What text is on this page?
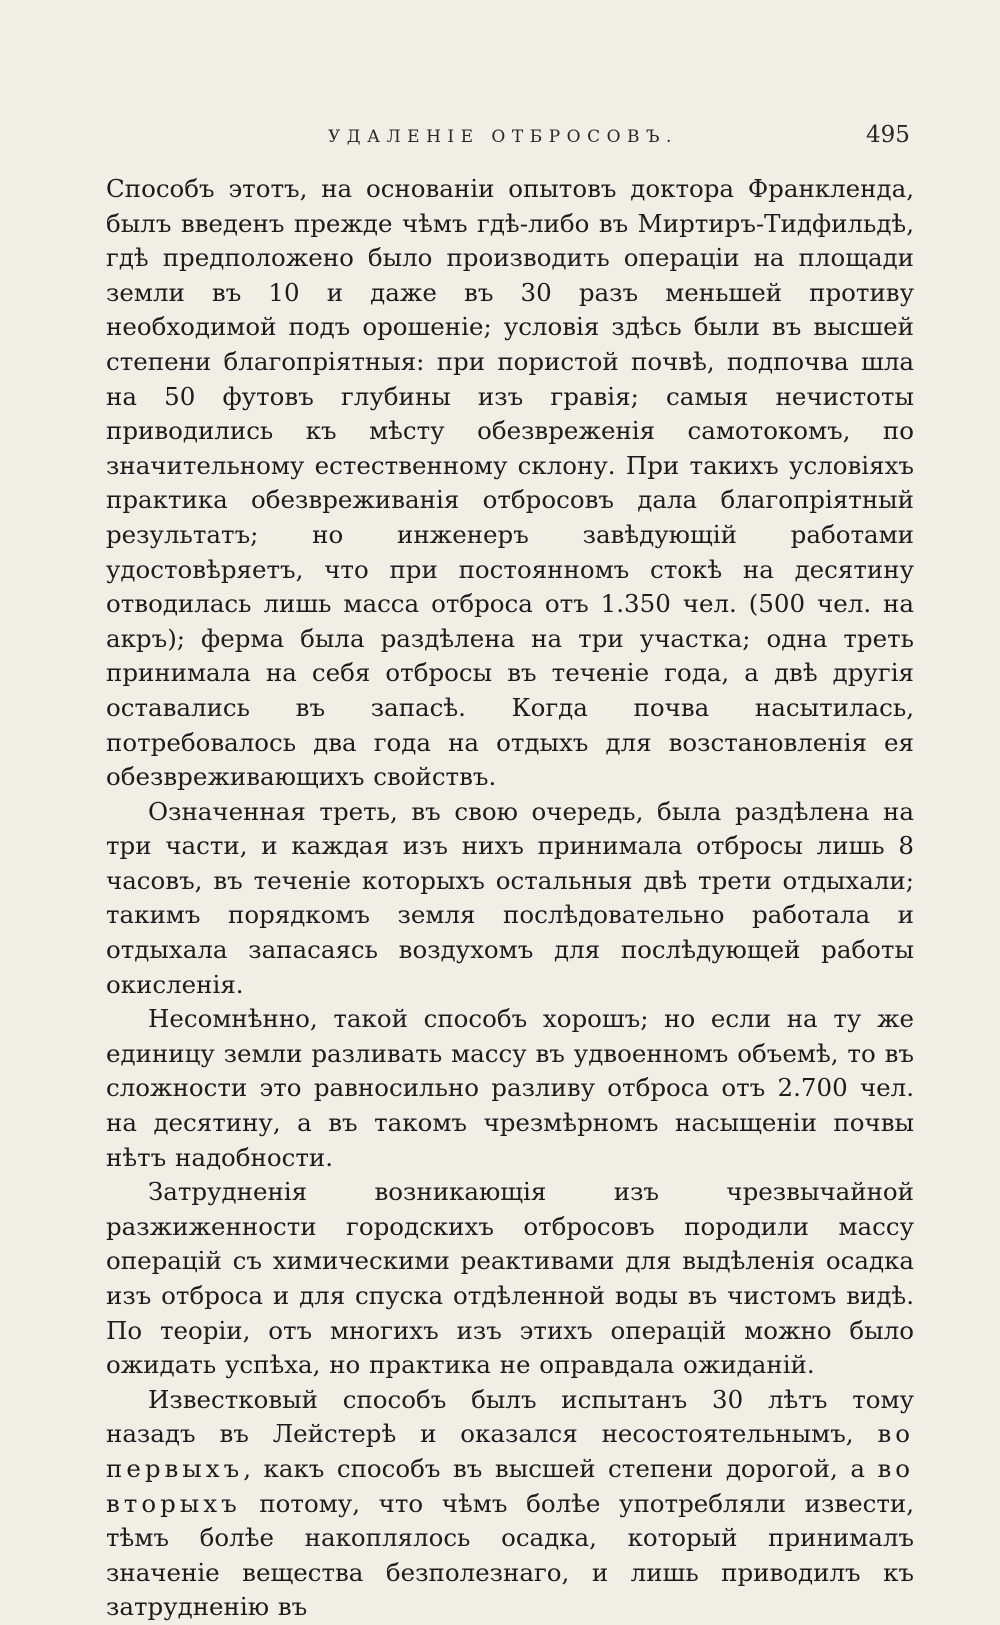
УДАЛЕНІЕ ОТБРОСОВЪ.	495

Способъ этотъ, на основаніи опытовъ доктора Франкленда, былъ введенъ прежде чѣмъ гдѣ-либо въ Миртиръ-Тидфильдѣ, гдѣ предположено было производить операціи на площади земли въ 10 и даже въ 30 разъ меньшей противу необходимой подъ орошеніе; условія здѣсь были въ высшей степени благопріятныя: при пористой почвѣ, подпочва шла на 50 футовъ глубины изъ гравія; самыя нечистоты приводились къ мѣсту обезвреженія самотокомъ, по значительному естественному склону. При такихъ условіяхъ практика обезвреживанія отбросовъ дала благопріятный результатъ; но инженеръ завѣдующій работами удостовѣряетъ, что при постоянномъ стокѣ на десятину отводилась лишь масса отброса отъ 1.350 чел. (500 чел. на акръ); ферма была раздѣлена на три участка; одна треть принимала на себя отбросы въ теченіе года, а двѣ другія оставались въ запасѣ. Когда почва насытилась, потребовалось два года на отдыхъ для возстановленія ея обезвреживающихъ свойствъ.

Означенная треть, въ свою очередь, была раздѣлена на три части, и каждая изъ нихъ принимала отбросы лишь 8 часовъ, въ теченіе которыхъ остальныя двѣ трети отдыхали; такимъ порядкомъ земля послѣдовательно работала и отдыхала запасаясь воздухомъ для послѣдующей работы окисленія.

Несомнѣнно, такой способъ хорошъ; но если на ту же единицу земли разливать массу въ удвоенномъ объемѣ, то въ сложности это равносильно разливу отброса отъ 2.700 чел. на десятину, а въ такомъ чрезмѣрномъ насыщеніи почвы нѣтъ надобности.

Затрудненія возникающія изъ чрезвычайной разжиженности городскихъ отбросовъ породили массу операцій съ химическими реактивами для выдѣленія осадка изъ отброса и для спуска отдѣленной воды въ чистомъ видѣ. По теоріи, отъ многихъ изъ этихъ операцій можно было ожидать успѣха, но практика не оправдала ожиданій.

Известковый способъ былъ испытанъ 30 лѣтъ тому назадъ въ Лейстерѣ и оказался несостоятельнымъ, во первыхъ, какъ способъ въ высшей степени дорогой, а во вторыхъ потому, что чѣмъ болѣе употребляли извести, тѣмъ болѣе накоплялось осадка, который принималъ значеніе вещества безполезнаго, и лишь приводилъ къ затрудненію въ
